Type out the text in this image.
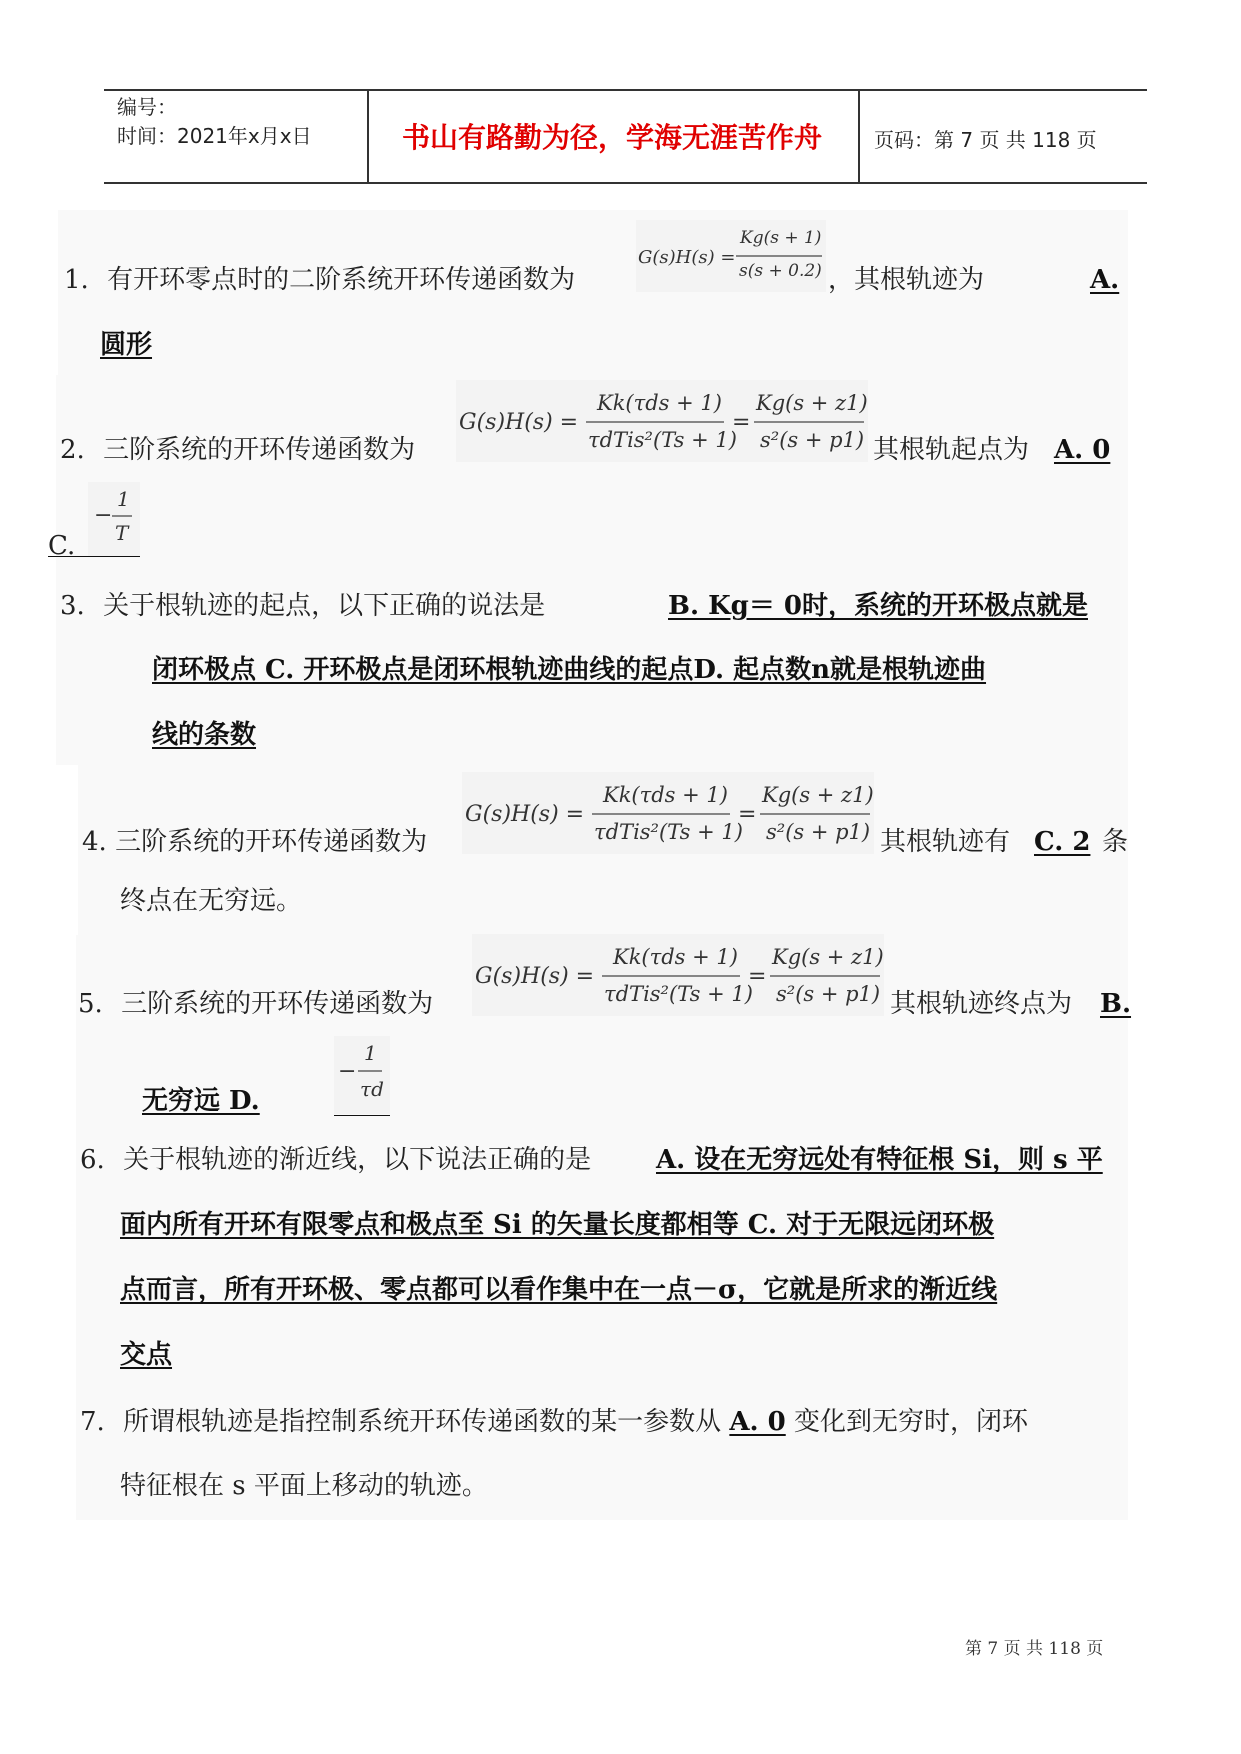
编号：
时间：2021年x月x日	书山有路勤为径，学海无涯苦作舟	页码：第 7 页 共 118 页
1. 有开环零点时的二阶系统开环传递函数为
G(s)H(s) =
Kg(s + 1)
s(s + 0.2) ，其根轨迹为	A.
圆形
2. 三阶系统的开环传递函数为
G(s)H(s) =
Kk(τds + 1)
τdTis²(Ts + 1)
=
Kg(s + z1)
s²(s + p1) 其根轨起点为 A. 0
C.
−
1
T
3. 关于根轨迹的起点，以下正确的说法是	B. Kg＝ 0时，系统的开环极点就是
闭环极点 C. 开环极点是闭环根轨迹曲线的起点D. 起点数n就是根轨迹曲
线的条数
4. 三阶系统的开环传递函数为
G(s)H(s) =
Kk(τds + 1)
τdTis²(Ts + 1)
=
Kg(s + z1)
s²(s + p1) 其根轨迹有 C. 2 条
终点在无穷远。
5. 三阶系统的开环传递函数为
G(s)H(s) =
Kk(τds + 1)
τdTis²(Ts + 1)
=
Kg(s + z1)
s²(s + p1) 其根轨迹终点为 B.
无穷远 D.
−
1
τd
6. 关于根轨迹的渐近线，以下说法正确的是 A. 设在无穷远处有特征根 Si，则 s 平
面内所有开环有限零点和极点至 Si 的矢量长度都相等 C. 对于无限远闭环极
点而言，所有开环极、零点都可以看作集中在一点－σ，它就是所求的渐近线
交点
7. 所谓根轨迹是指控制系统开环传递函数的某一参数从 A. 0 变化到无穷时，闭环
特征根在 s 平面上移动的轨迹。
第 7 页 共 118 页
